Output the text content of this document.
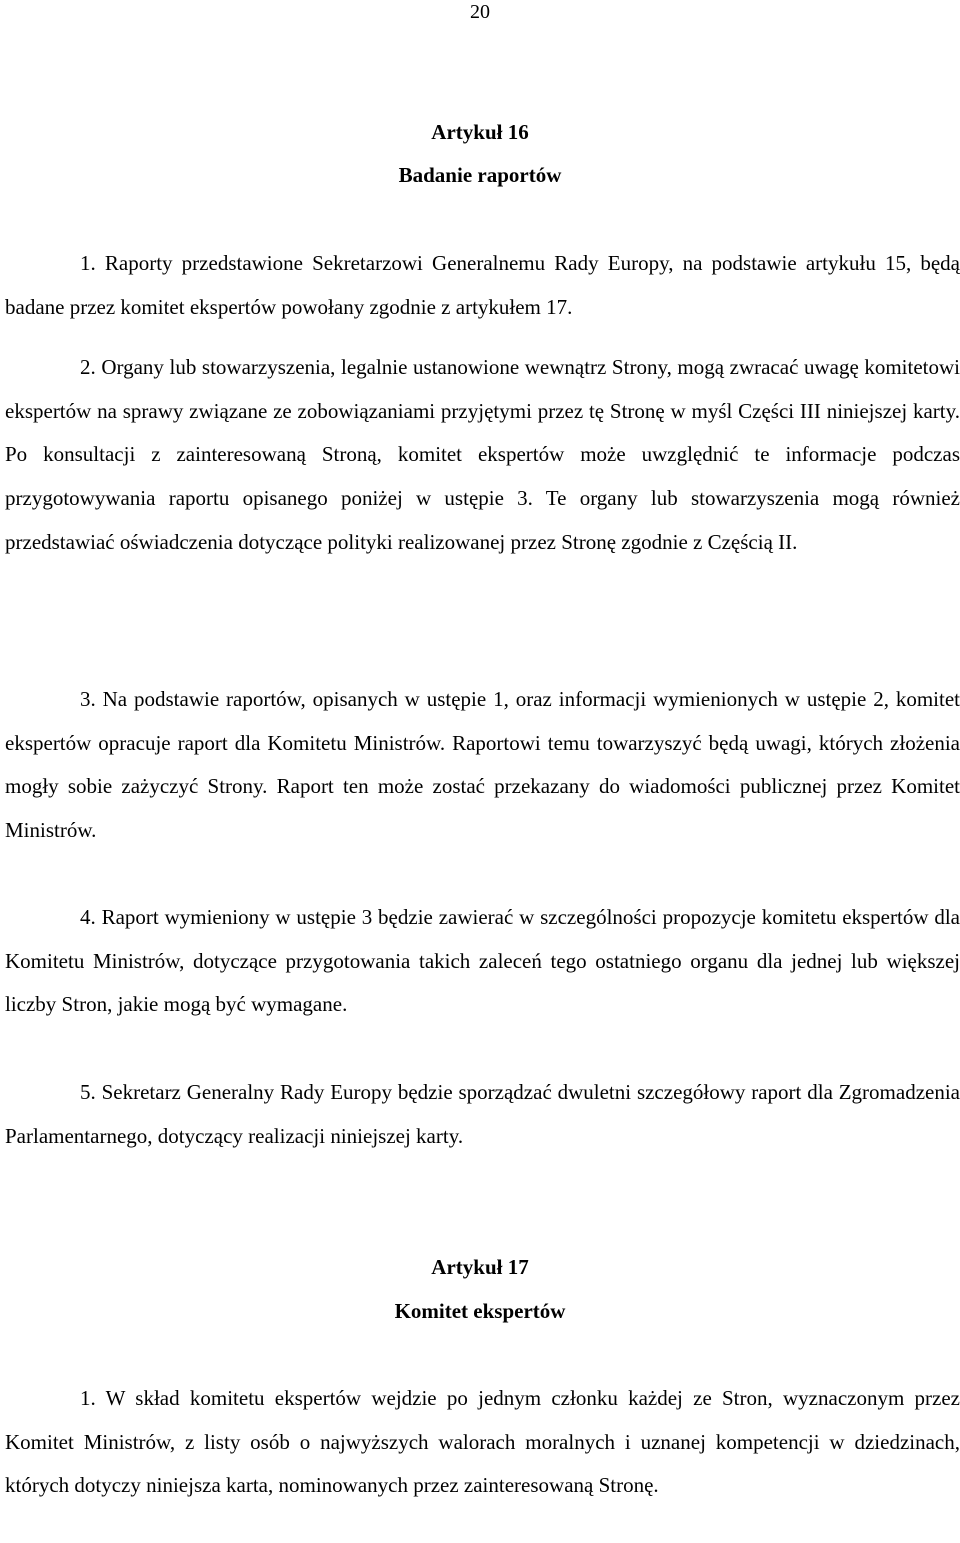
20
Artykuł 16
Badanie raportów

1. Raporty przedstawione Sekretarzowi Generalnemu Rady Europy, na podstawie artykułu 15, będą badane przez komitet ekspertów powołany zgodnie z artykułem 17.

2. Organy lub stowarzyszenia, legalnie ustanowione wewnątrz Strony, mogą zwracać uwagę komitetowi ekspertów na sprawy związane ze zobowiązaniami przyjętymi przez tę Stronę w myśl Części III niniejszej karty. Po konsultacji z zainteresowaną Stroną, komitet ekspertów może uwzględnić te informacje podczas przygotowywania raportu opisanego poniżej w ustępie 3. Te organy lub stowarzyszenia mogą również przedstawiać oświadczenia dotyczące polityki realizowanej przez Stronę zgodnie z Częścią II.

3. Na podstawie raportów, opisanych w ustępie 1, oraz informacji wymienionych w ustępie 2, komitet ekspertów opracuje raport dla Komitetu Ministrów. Raportowi temu towarzyszyć będą uwagi, których złożenia mogły sobie zażyczyć Strony. Raport ten może zostać przekazany do wiadomości publicznej przez Komitet Ministrów.

4. Raport wymieniony w ustępie 3 będzie zawierać w szczególności propozycje komitetu ekspertów dla Komitetu Ministrów, dotyczące przygotowania takich zaleceń tego ostatniego organu dla jednej lub większej liczby Stron, jakie mogą być wymagane.

5. Sekretarz Generalny Rady Europy będzie sporządzać dwuletni szczegółowy raport dla Zgromadzenia Parlamentarnego, dotyczący realizacji niniejszej karty.

Artykuł 17
Komitet ekspertów

1. W skład komitetu ekspertów wejdzie po jednym członku każdej ze Stron, wyznaczonym przez Komitet Ministrów, z listy osób o najwyższych walorach moralnych i uznanej kompetencji w dziedzinach, których dotyczy niniejsza karta, nominowanych przez zainteresowaną Stronę.
